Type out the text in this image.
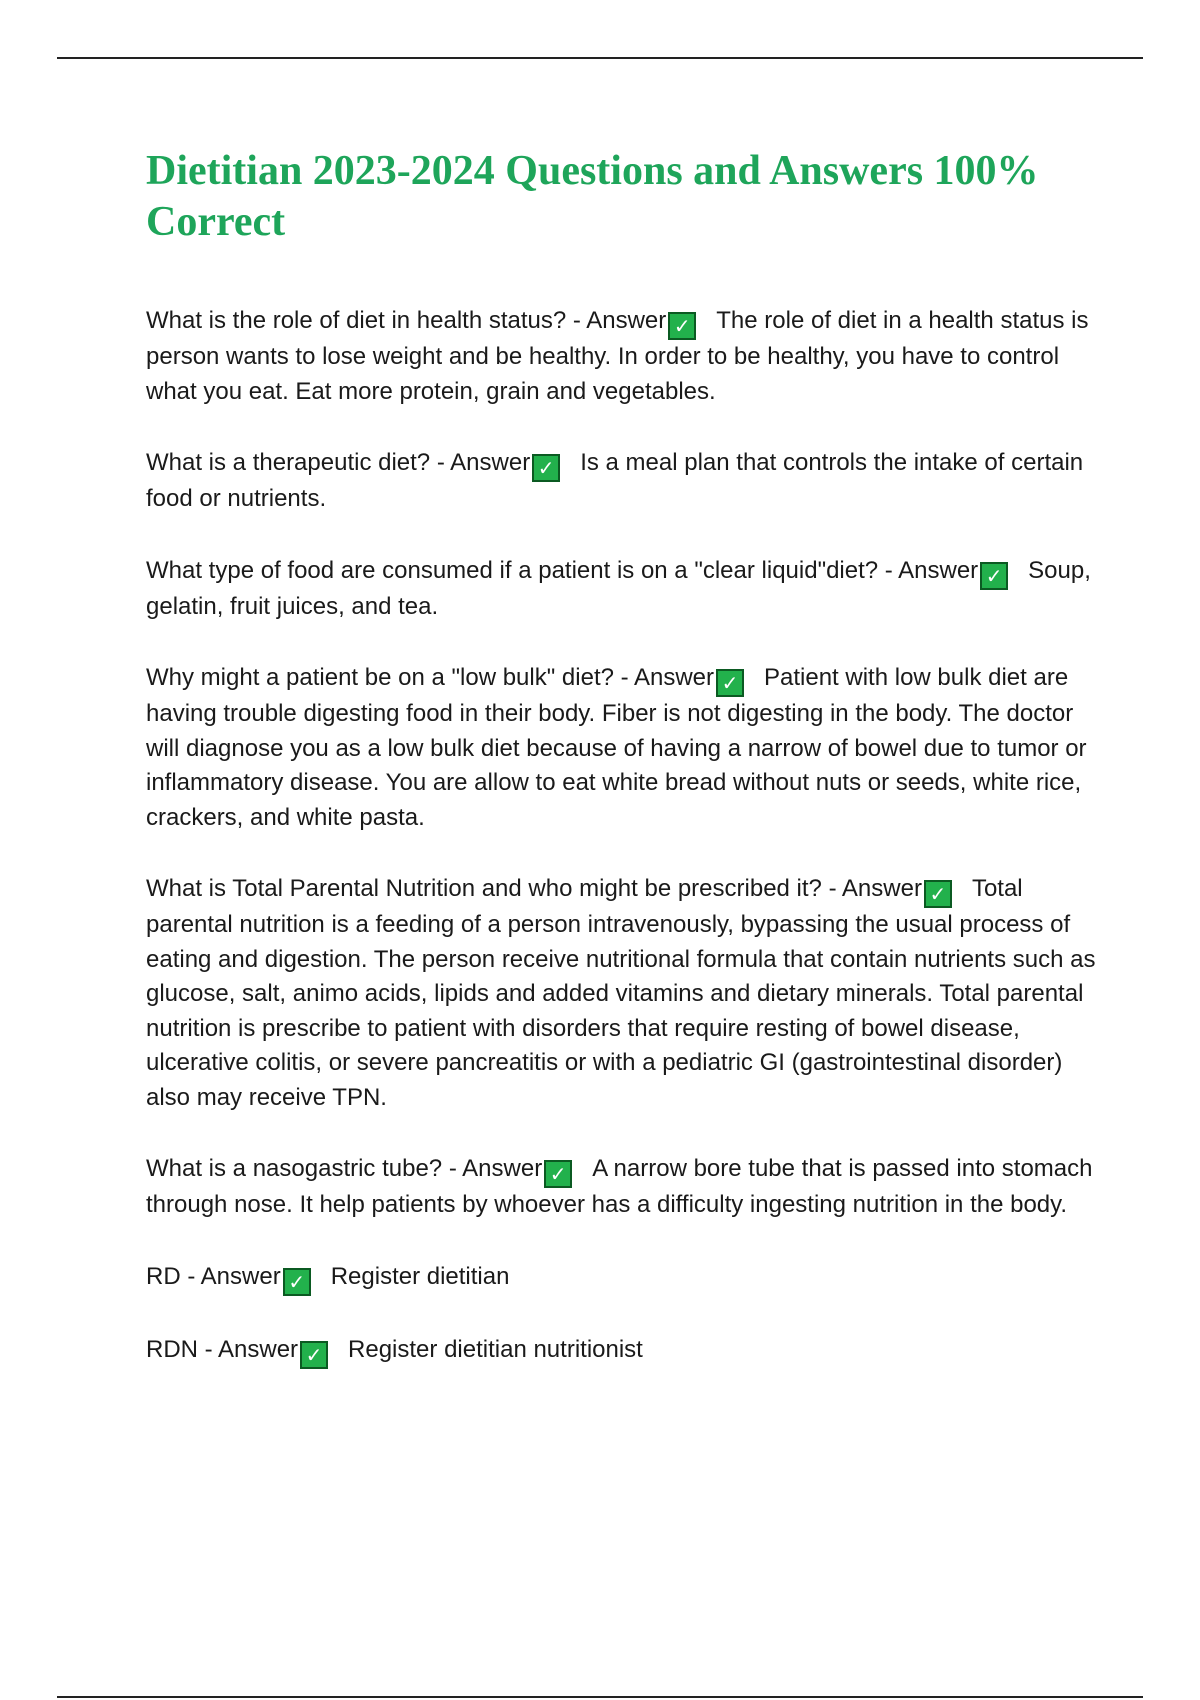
Dietitian 2023-2024 Questions and Answers 100% Correct

What is the role of diet in health status? - Answer ✓ The role of diet in a health status is person wants to lose weight and be healthy. In order to be healthy, you have to control what you eat. Eat more protein, grain and vegetables.

What is a therapeutic diet? - Answer ✓ Is a meal plan that controls the intake of certain food or nutrients.

What type of food are consumed if a patient is on a "clear liquid"diet? - Answer ✓ Soup, gelatin, fruit juices, and tea.

Why might a patient be on a "low bulk" diet? - Answer ✓ Patient with low bulk diet are having trouble digesting food in their body. Fiber is not digesting in the body. The doctor will diagnose you as a low bulk diet because of having a narrow of bowel due to tumor or inflammatory disease. You are allow to eat white bread without nuts or seeds, white rice, crackers, and white pasta.

What is Total Parental Nutrition and who might be prescribed it? - Answer ✓ Total parental nutrition is a feeding of a person intravenously, bypassing the usual process of eating and digestion. The person receive nutritional formula that contain nutrients such as glucose, salt, animo acids, lipids and added vitamins and dietary minerals. Total parental nutrition is prescribe to patient with disorders that require resting of bowel disease, ulcerative colitis, or severe pancreatitis or with a pediatric GI (gastrointestinal disorder) also may receive TPN.

What is a nasogastric tube? - Answer ✓ A narrow bore tube that is passed into stomach through nose. It help patients by whoever has a difficulty ingesting nutrition in the body.

RD - Answer ✓ Register dietitian

RDN - Answer ✓ Register dietitian nutritionist
